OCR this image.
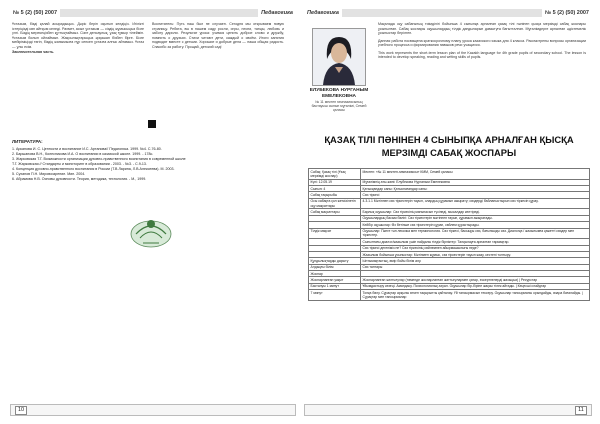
№ 5 (2) (50) 2007	Педагогика
Ұстазым, бізді қалай асырадыңыз. Дәріс беріп оқытып келдіңіз. Игілікті істеріңізді көп айтқым келеді. Рахмет, асыл ұстазым — сіздің жұмысыңыз бізге үлгі. Біздің мерекеңізбен құттықтаймыз. Сізге денсаулық, ұзақ ғұмыр тілеймін. Ұстазым болып ойлаймын. Жақсылықтарыңыз әрқашан бізбен бірге. Бізге мейіріміңізді төгіп, біздің жанымызға нұр сепкен ұстазға алғыс айтамыз. Ұстаз — ұлы есім.
Заключительная часть.
Воспитатель: Путь наш был не случаен. Сегодня мы открываем новую страницу. Ребята, вы в нашем саду росли, игры, песни, танцы, любовь и заботу дарили. Результат урока: учимся ценить доброе слово и дружбу, помнить о друзьях. Стихи читают дети, каждый о своём. Итоги занятия подводят вместе с детьми. Хорошие и добрые дела — наша общая радость. Спасибо за работу. Прощай, детский сад!
ЛИТЕРАТУРА:
1. Арканова И. С. Ценности и воспитание И.С. Артанова// Педагогика. 1999. №4. С.76-80.
2. Баршанова В.Н., Колесникова И.А. О воспитании в казахской школе. 1999. - 178с.
3. Жарковская Т.Г. Возможности организации духовно-нравственного воспитания в современной школе
Т.Г. Жарковская // Стандарты и мониторинг в образовании - 2003. - №3. - С.9-13.
4. Концепция духовно-нравственного воспитания в России (Т.В.Ларина, Л.В.Алексеева). М. 2003.
5. Суханов П.Н. Мировоззрение. Мин. 2004.
6. Абрамова Н.В. Основы духовности. Теория, методика, технология. - М., 1999.
10
Педагогика	№ 5 (2) (50) 2007
ЕЛУБЕКОВА НУРГАНЫМ ЕМЕЛЕКОВНА
№ 11 мектеп гимназиясының бастауыш сынып мұғалімі, Семей қаласы
Мақалада оқу сабағының тиімділігі бойынша 4 сыныпқа арналған қазақ тілі пәнінен қысқа мерзімді сабақ жоспары ұсынылған. Сабақ жоспары оқушылардың тілдік дағдыларын дамытуға бағытталған. Мұғалімдерге арналған әдістемелік ұсыныстар берілген.
Данная работа посвящена краткосрочному плану урока казахского языка для 4 класса. Рассмотрены вопросы организации учебного процесса и формирования навыков речи учащихся.
This work represents the short-term lesson plan of the Kazakh language for 4th grade pupils of secondary school. The lesson is intended to develop speaking, reading and writing skills of pupils.
ҚАЗАҚ ТІЛІ ПӘНІНЕН 4 СЫНЫПҚА АРНАЛҒАН ҚЫСҚА МЕРЗІМДІ САБАҚ ЖОСПАРЫ
Сабақ: Қазақ тілі (Ұзақ мерзімді жоспар)	Мектеп: «№ 11 мектеп-гимназиясы» КММ, Семей қаласы
Күні: 12.05.19	Мұғалімнің аты-жөні: Елубекова Нурганым Емелековна
Сынып: 4	Қатысқандар саны: Қатыспағандар саны:
Сабақ тақырыбы	Сөз тіркесі
Осы сабақта қол жеткізілетін оқу мақсаттары	4.3.1.1 Мәтіннен сөз тіркестерін тауып, олардың құрамын ажырату; сөздерді байланыстырып сөз тіркесін құрау.
Сабақ мақсаттары	Барлық оқушылар: Сөз тіркесінің мағынасын түсінеді, мысалдар келтіреді.
	Оқушылардың басым бөлігі: Сөз тіркестерін мәтіннен тауып, құрамын ажыратады.
	Кейбір оқушылар: Өз бетінше сөз тіркестерін құрап, сөйлем құрастырады.
Тілдік мақсат	Оқушылар: Пәнге тән лексика мен терминология. Сөз тіркесі, басыңқы сөз, бағыныңқы сөз. Диалогқа / жазылымға қажетті сөздер мен тіркестер.
	Сыныптағы диалог/жазылым үшін пайдалы тілдік бірліктер: Талқылауға арналған тармақтар.
	Сөз тіркесі дегеніміз не? Сөз тіркесінің сөйлемнен айырмашылығы неде?
	Жазылым бойынша ұсыныстар: Мәтінмен жұмыс, сөз тіркестерін тауып жазу, кестені толтыру.
Құндылықтарды дарыту	Ынтымақтастық, өмір бойы білім алу.
Алдыңғы білім	Сөз таптары
Жоспар	
Жоспарланған уақыт	Жоспарланған жаттығулар (төменде жоспарланған жаттығулармен қатар, ескертпелерді жазыңыз) | Ресурстар
Басталуы 1 минут	Ұйымдастыру кезеңі. Амандасу. Психологиялық ахуал. Оқушылар бір-біріне жақсы тілек айтады. | Кеңесші слайдтар
7 минут	Топқа бөлу. Сұрақтар арқылы өткен тақырыпты қайталау. Үй тапсырмасын тексеру. Оқушылар тапсырманы орындайды, өзара бағалайды. | Сұрақтар мен тапсырмалар
11
